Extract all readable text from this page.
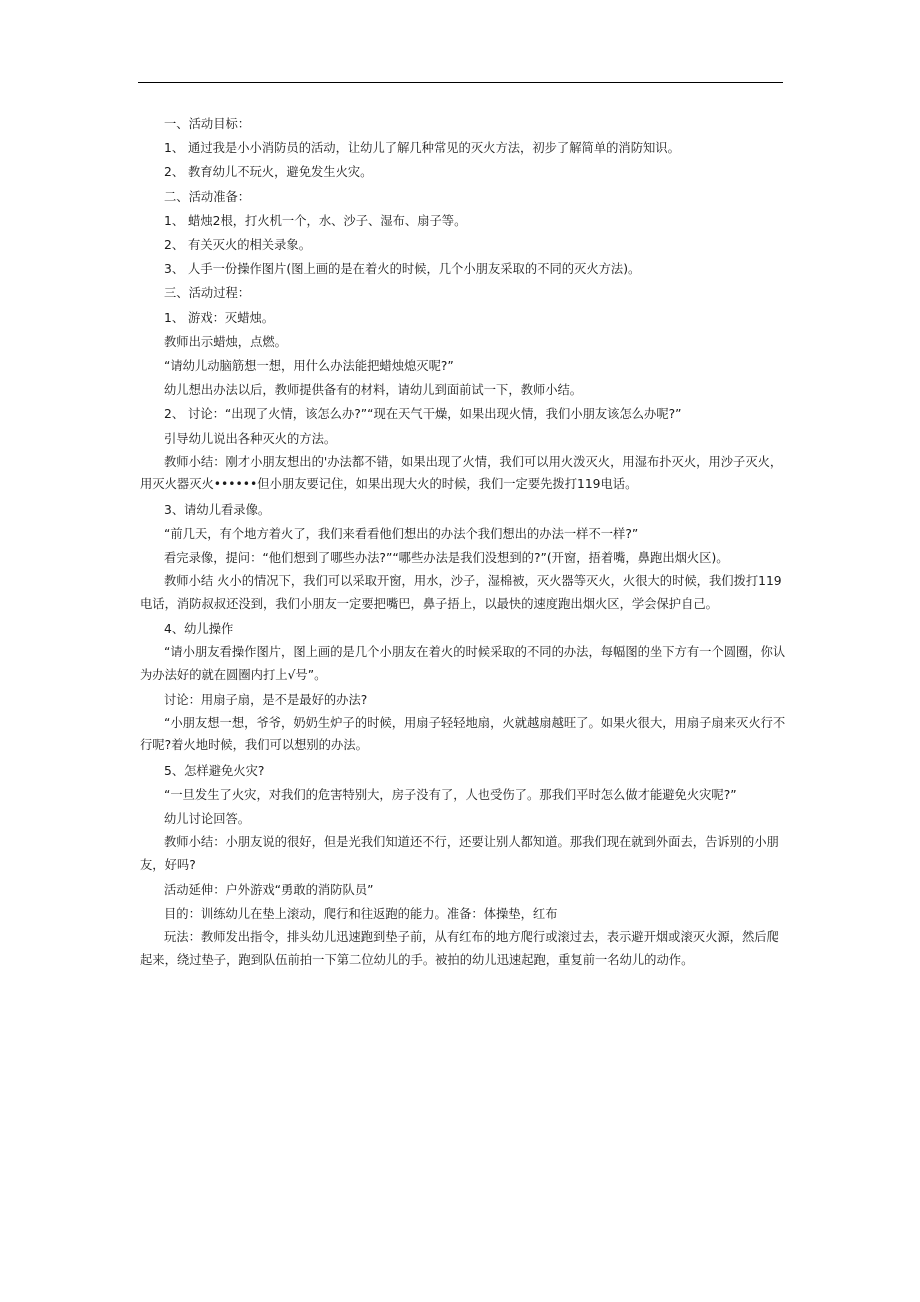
一、活动目标：

1、 通过我是小小消防员的活动，让幼儿了解几种常见的灭火方法，初步了解简单的消防知识。

2、 教育幼儿不玩火，避免发生火灾。

二、活动准备：

1、 蜡烛2根，打火机一个，水、沙子、湿布、扇子等。

2、 有关灭火的相关录象。

3、 人手一份操作图片(图上画的是在着火的时候，几个小朋友采取的不同的灭火方法)。

三、活动过程：

1、 游戏：灭蜡烛。

教师出示蜡烛，点燃。

“请幼儿动脑筋想一想，用什么办法能把蜡烛熄灭呢?”

幼儿想出办法以后，教师提供备有的材料，请幼儿到面前试一下，教师小结。

2、 讨论：“出现了火情，该怎么办?”“现在天气干燥，如果出现火情，我们小朋友该怎么办呢?”

引导幼儿说出各种灭火的方法。

教师小结：刚才小朋友想出的'办法都不错，如果出现了火情，我们可以用火泼灭火，用湿布扑灭火，用沙子灭火，用灭火器灭火••••••但小朋友要记住，如果出现大火的时候，我们一定要先拨打119电话。

3、请幼儿看录像。

“前几天，有个地方着火了，我们来看看他们想出的办法个我们想出的办法一样不一样?”

看完录像，提问：“他们想到了哪些办法?”“哪些办法是我们没想到的?”(开窗，捂着嘴，鼻跑出烟火区)。

教师小结 火小的情况下，我们可以采取开窗，用水，沙子，湿棉被，灭火器等灭火，火很大的时候，我们拨打119电话，消防叔叔还没到，我们小朋友一定要把嘴巴，鼻子捂上，以最快的速度跑出烟火区，学会保护自己。

4、幼儿操作

“请小朋友看操作图片，图上画的是几个小朋友在着火的时候采取的不同的办法，每幅图的坐下方有一个圆圈，你认为办法好的就在圆圈内打上√号”。

讨论：用扇子扇，是不是最好的办法?

“小朋友想一想，爷爷，奶奶生炉子的时候，用扇子轻轻地扇，火就越扇越旺了。如果火很大，用扇子扇来灭火行不行呢?着火地时候，我们可以想别的办法。

5、怎样避免火灾?

“一旦发生了火灾，对我们的危害特别大，房子没有了，人也受伤了。那我们平时怎么做才能避免火灾呢?”

幼儿讨论回答。

教师小结：小朋友说的很好，但是光我们知道还不行，还要让别人都知道。那我们现在就到外面去，告诉别的小朋友，好吗?

活动延伸：户外游戏“勇敢的消防队员”

目的：训练幼儿在垫上滚动，爬行和往返跑的能力。准备：体操垫，红布

玩法：教师发出指令，排头幼儿迅速跑到垫子前，从有红布的地方爬行或滚过去，表示避开烟或滚灭火源，然后爬起来，绕过垫子，跑到队伍前拍一下第二位幼儿的手。被拍的幼儿迅速起跑，重复前一名幼儿的动作。
